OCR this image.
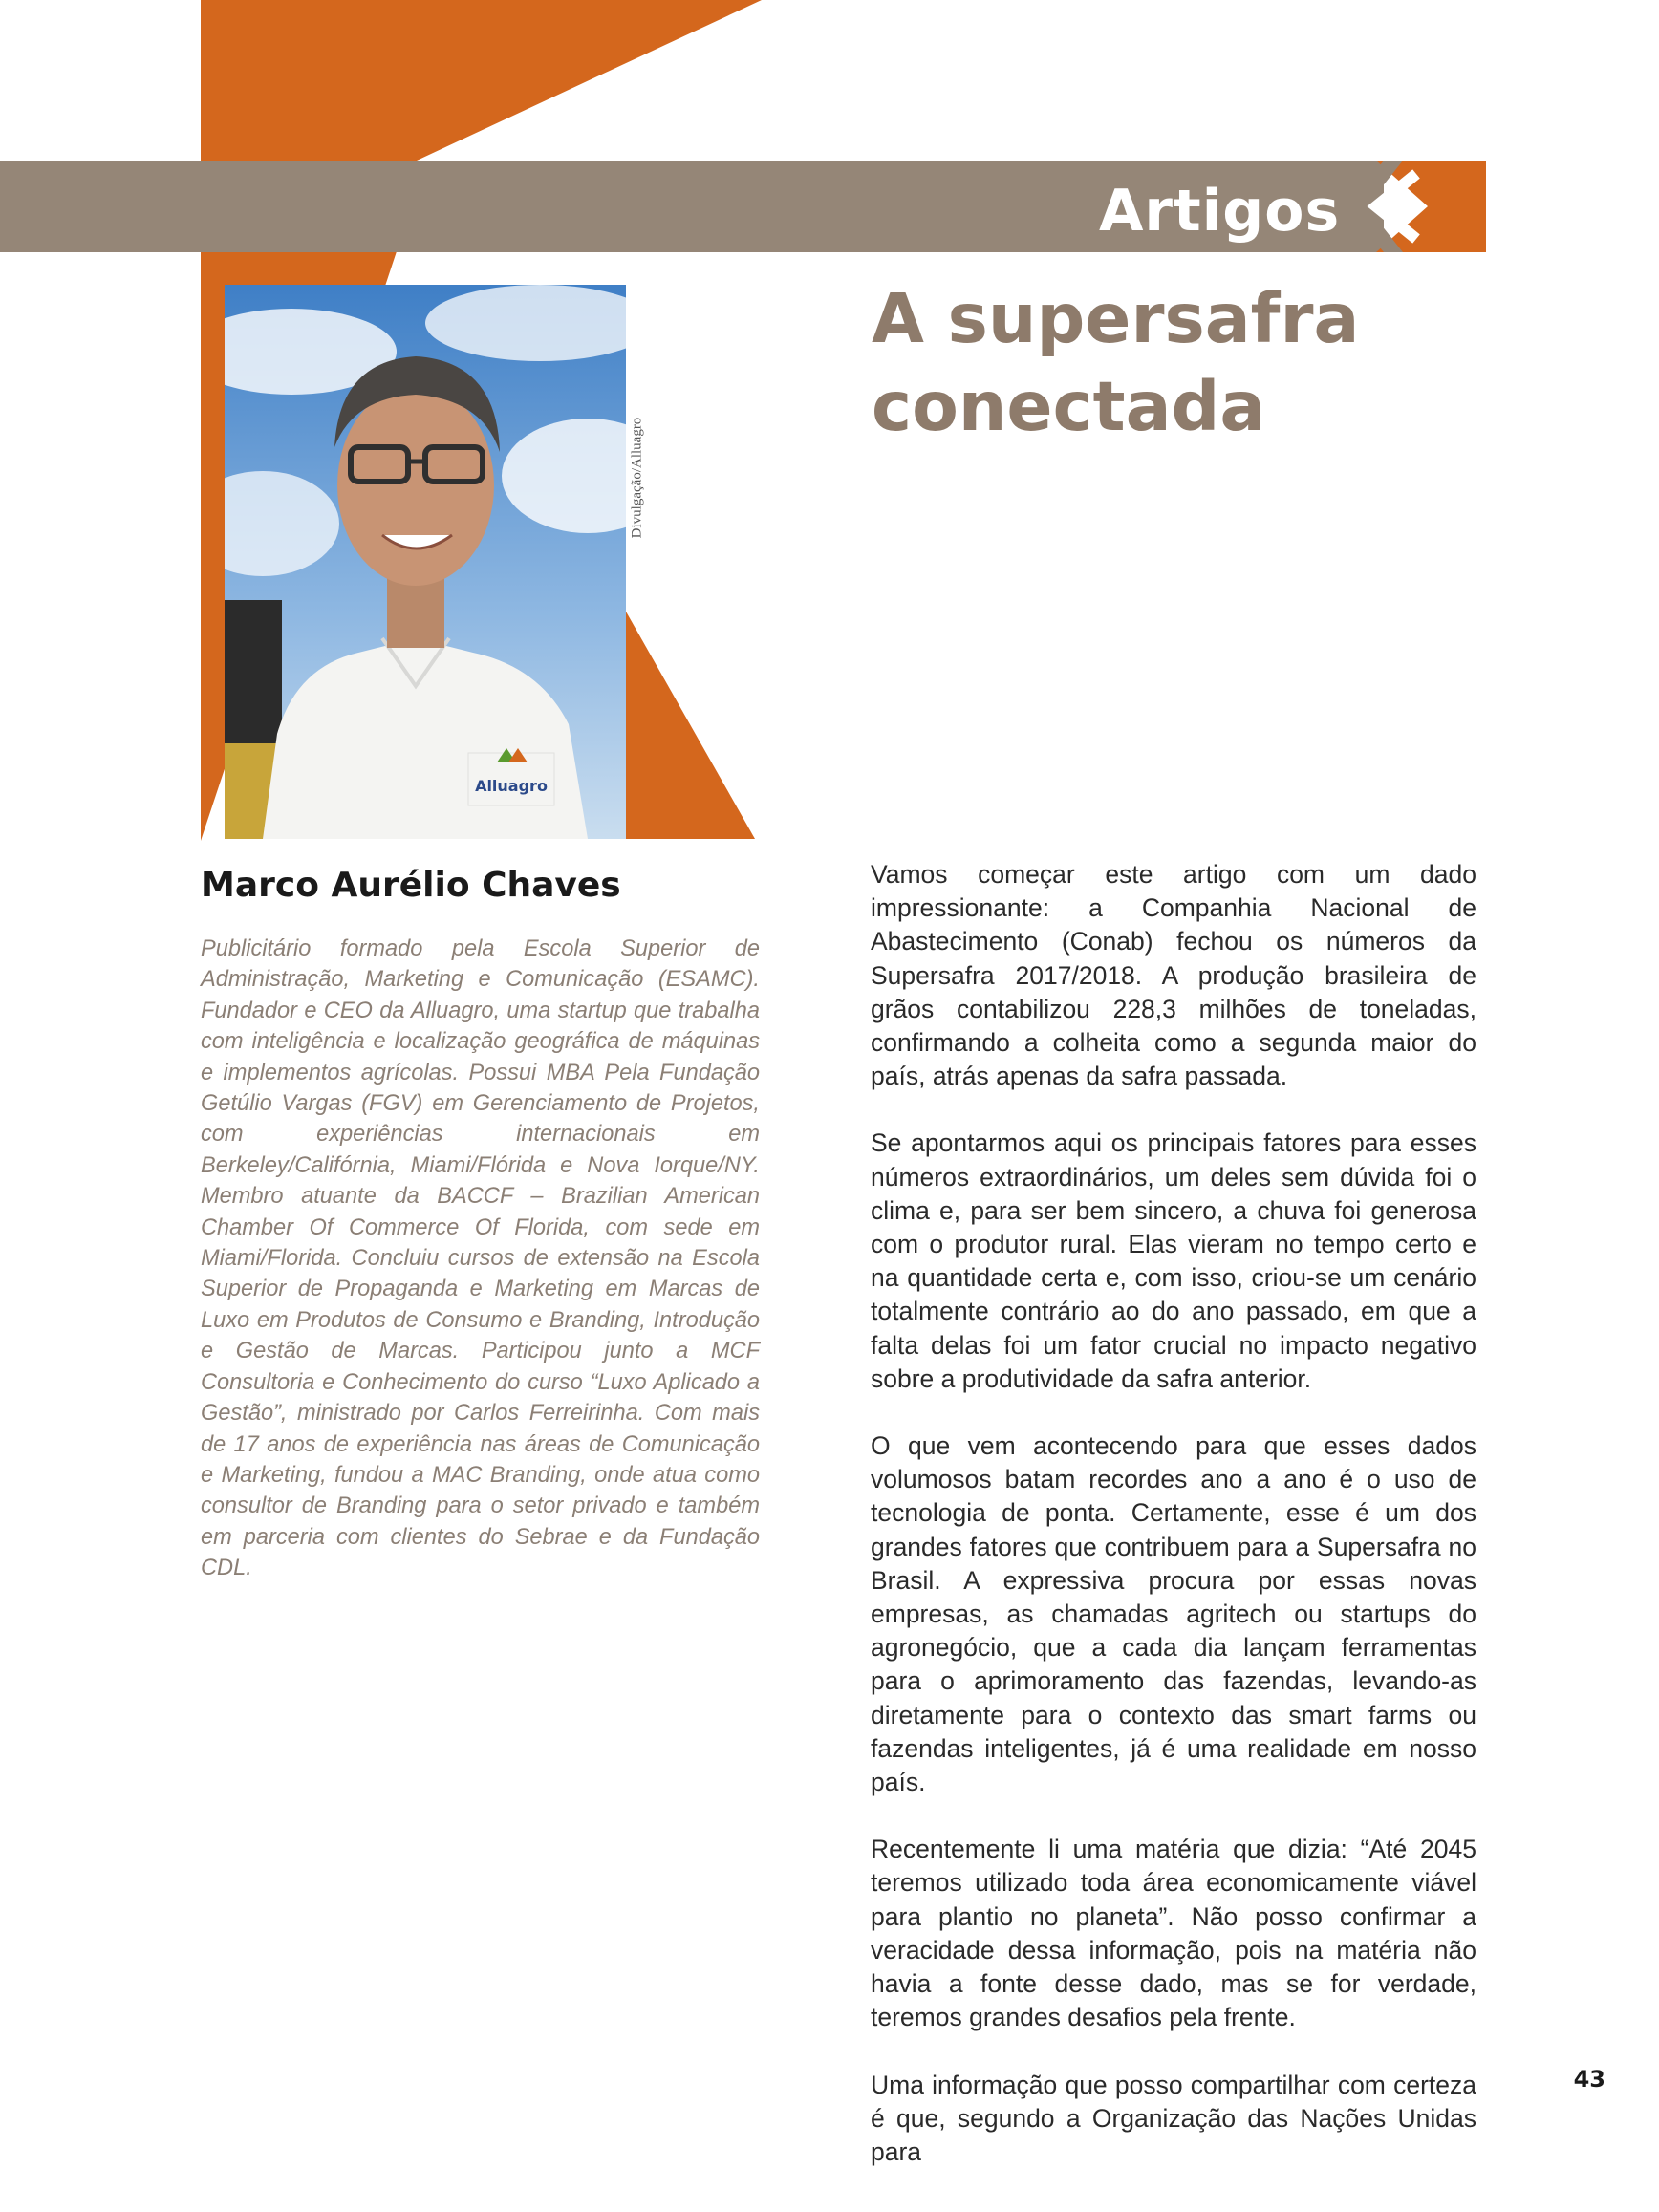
Artigos
A supersafra
conectada
Alluagro
Divulgação/Alluagro
Marco Aurélio Chaves

Publicitário formado pela Escola Superior de Administração, Marketing e Comunicação (ESAMC). Fundador e CEO da Alluagro, uma startup que trabalha com inteligência e localização geográfica de máquinas e implementos agrícolas. Possui MBA Pela Fundação Getúlio Vargas (FGV) em Gerenciamento de Projetos, com experiências internacionais em Berkeley/Califórnia, Miami/Flórida e Nova Iorque/NY. Membro atuante da BACCF – Brazilian American Chamber Of Commerce Of Florida, com sede em Miami/Florida. Concluiu cursos de extensão na Escola Superior de Propaganda e Marketing em Marcas de Luxo em Produtos de Consumo e Branding, Introdução e Gestão de Marcas. Participou junto a MCF Consultoria e Conhecimento do curso “Luxo Aplicado a Gestão”, ministrado por Carlos Ferreirinha. Com mais de 17 anos de experiência nas áreas de Comunicação e Marketing, fundou a MAC Branding, onde atua como consultor de Branding para o setor privado e também em parceria com clientes do Sebrae e da Fundação CDL.

Vamos começar este artigo com um dado impressionante: a Companhia Nacional de Abastecimento (Conab) fechou os números da Supersafra 2017/2018. A produção brasileira de grãos contabilizou 228,3 milhões de toneladas, confirmando a colheita como a segunda maior do país, atrás apenas da safra passada.

Se apontarmos aqui os principais fatores para esses números extraordinários, um deles sem dúvida foi o clima e, para ser bem sincero, a chuva foi generosa com o produtor rural. Elas vieram no tempo certo e na quantidade certa e, com isso, criou-se um cenário totalmente contrário ao do ano passado, em que a falta delas foi um fator crucial no impacto negativo sobre a produtividade da safra anterior.

O que vem acontecendo para que esses dados volumosos batam recordes ano a ano é o uso de tecnologia de ponta. Certamente, esse é um dos grandes fatores que contribuem para a Supersafra no Brasil. A expressiva procura por essas novas empresas, as chamadas agritech ou startups do agronegócio, que a cada dia lançam ferramentas para o aprimoramento das fazendas, levando-as diretamente para o contexto das smart farms ou fazendas inteligentes, já é uma realidade em nosso país.

Recentemente li uma matéria que dizia: “Até 2045 teremos utilizado toda área economicamente viável para plantio no planeta”. Não posso confirmar a veracidade dessa informação, pois na matéria não havia a fonte desse dado, mas se for verdade, teremos grandes desafios pela frente.

Uma informação que posso compartilhar com certeza é que, segundo a Organização das Nações Unidas para

43
